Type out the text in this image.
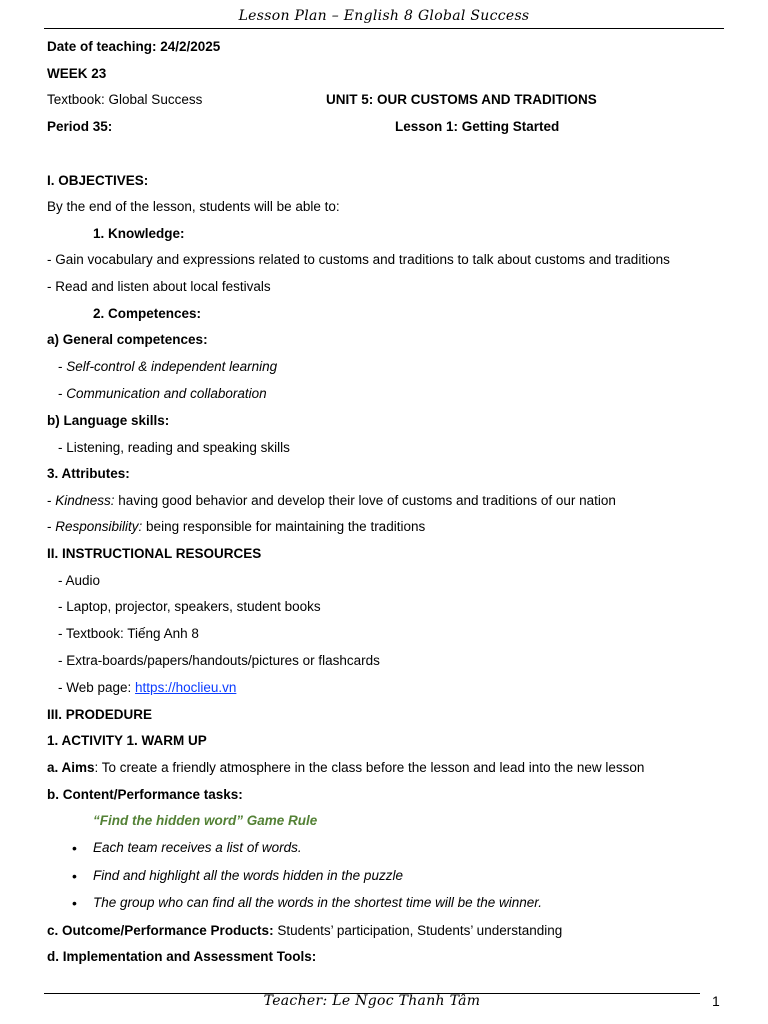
Lesson Plan – English 8 Global Success
Date of teaching: 24/2/2025
WEEK 23
Textbook: Global Success	UNIT 5: OUR CUSTOMS AND TRADITIONS
Period 35:	Lesson 1: Getting Started
I. OBJECTIVES:
By the end of the lesson, students will be able to:
1. Knowledge:
- Gain vocabulary and expressions related to customs and traditions to talk about customs and traditions
- Read and listen about local festivals
2. Competences:
a) General competences:
- Self-control & independent learning
- Communication and collaboration
b) Language skills:
- Listening, reading and speaking skills
3. Attributes:
- Kindness: having good behavior and develop their love of customs and traditions of our nation
- Responsibility: being responsible for maintaining the traditions
II. INSTRUCTIONAL RESOURCES
- Audio
- Laptop, projector, speakers, student books
- Textbook: Tiếng Anh 8
- Extra-boards/papers/handouts/pictures or flashcards
- Web page: https://hoclieu.vn
III. PRODEDURE
1. ACTIVITY 1. WARM UP
a. Aims: To create a friendly atmosphere in the class before the lesson and lead into the new lesson
b. Content/Performance tasks:
“Find the hidden word” Game Rule
• Each team receives a list of words.
• Find and highlight all the words hidden in the puzzle
• The group who can find all the words in the shortest time will be the winner.
c. Outcome/Performance Products: Students’ participation, Students’ understanding
d. Implementation and Assessment Tools:
Teacher: Le Ngoc Thanh Tâm	1
